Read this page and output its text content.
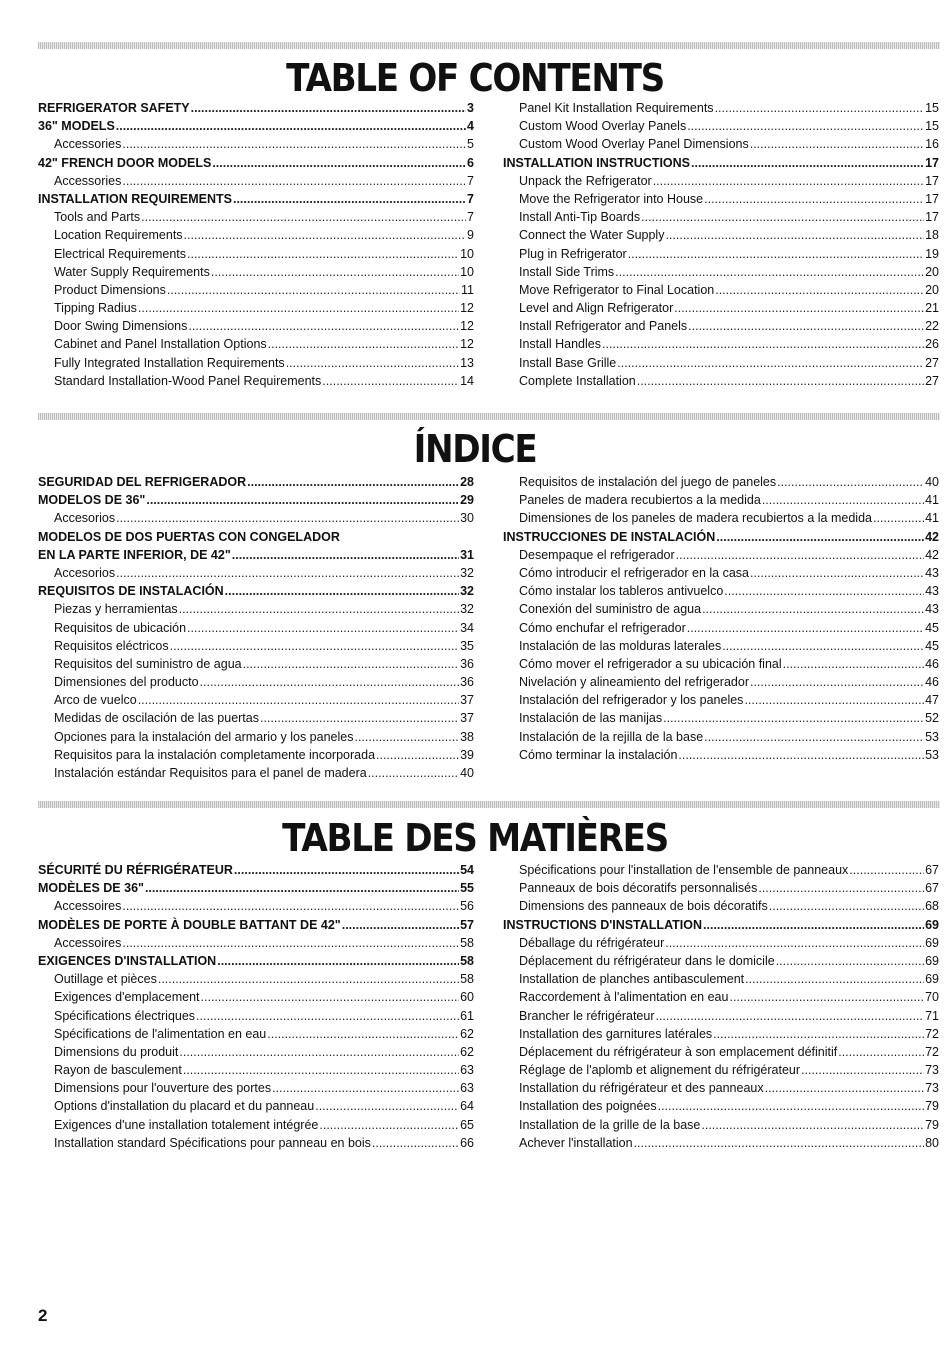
TABLE OF CONTENTS
REFRIGERATOR SAFETY .....	3
36" MODELS .....	4
Accessories .....	5
42" FRENCH DOOR MODELS .....	6
Accessories .....	7
INSTALLATION REQUIREMENTS .....	7
Tools and Parts .....	7
Location Requirements .....	9
Electrical Requirements .....	10
Water Supply Requirements .....	10
Product Dimensions .....	11
Tipping Radius .....	12
Door Swing Dimensions .....	12
Cabinet and Panel Installation Options .....	12
Fully Integrated Installation Requirements .....	13
Standard Installation-Wood Panel Requirements .....	14
Panel Kit Installation Requirements .....	15
Custom Wood Overlay Panels .....	15
Custom Wood Overlay Panel Dimensions .....	16
INSTALLATION INSTRUCTIONS .....	17
Unpack the Refrigerator .....	17
Move the Refrigerator into House .....	17
Install Anti-Tip Boards .....	17
Connect the Water Supply .....	18
Plug in Refrigerator .....	19
Install Side Trims .....	20
Move Refrigerator to Final Location .....	20
Level and Align Refrigerator .....	21
Install Refrigerator and Panels .....	22
Install Handles .....	26
Install Base Grille .....	27
Complete Installation .....	27
ÍNDICE
SEGURIDAD DEL REFRIGERADOR .....	28
MODELOS DE 36" .....	29
Accesorios .....	30
MODELOS DE DOS PUERTAS CON CONGELADOR
EN LA PARTE INFERIOR, DE 42" .....	31
Accesorios .....	32
REQUISITOS DE INSTALACIÓN .....	32
Piezas y herramientas .....	32
Requisitos de ubicación .....	34
Requisitos eléctricos .....	35
Requisitos del suministro de agua .....	36
Dimensiones del producto .....	36
Arco de vuelco .....	37
Medidas de oscilación de las puertas .....	37
Opciones para la instalación del armario y los paneles .....	38
Requisitos para la instalación completamente incorporada .....	39
Instalación estándar Requisitos para el panel de madera .....	40
Requisitos de instalación del juego de paneles .....	40
Paneles de madera recubiertos a la medida .....	41
Dimensiones de los paneles de madera recubiertos a la medida .....	41
INSTRUCCIONES DE INSTALACIÓN .....	42
Desempaque el refrigerador .....	42
Cómo introducir el refrigerador en la casa .....	43
Cómo instalar los tableros antivuelco .....	43
Conexión del suministro de agua .....	43
Cómo enchufar el refrigerador .....	45
Instalación de las molduras laterales .....	45
Cómo mover el refrigerador a su ubicación final .....	46
Nivelación y alineamiento del refrigerador .....	46
Instalación del refrigerador y los paneles .....	47
Instalación de las manijas .....	52
Instalación de la rejilla de la base .....	53
Cómo terminar la instalación .....	53
TABLE DES MATIÈRES
SÉCURITÉ DU RÉFRIGÉRATEUR .....	54
MODÈLES DE 36" .....	55
Accessoires .....	56
MODÈLES DE PORTE À DOUBLE BATTANT DE 42" .....	57
Accessoires .....	58
EXIGENCES D'INSTALLATION .....	58
Outillage et pièces .....	58
Exigences d'emplacement .....	60
Spécifications électriques .....	61
Spécifications de l'alimentation en eau .....	62
Dimensions du produit .....	62
Rayon de basculement .....	63
Dimensions pour l'ouverture des portes .....	63
Options d'installation du placard et du panneau .....	64
Exigences d'une installation totalement intégrée .....	65
Installation standard Spécifications pour panneau en bois .....	66
Spécifications pour l'installation de l'ensemble de panneaux .....	67
Panneaux de bois décoratifs personnalisés .....	67
Dimensions des panneaux de bois décoratifs .....	68
INSTRUCTIONS D'INSTALLATION .....	69
Déballage du réfrigérateur .....	69
Déplacement du réfrigérateur dans le domicile .....	69
Installation de planches antibasculement .....	69
Raccordement à l'alimentation en eau .....	70
Brancher le réfrigérateur .....	71
Installation des garnitures latérales .....	72
Déplacement du réfrigérateur à son emplacement définitif .....	72
Réglage de l'aplomb et alignement du réfrigérateur .....	73
Installation du réfrigérateur et des panneaux .....	73
Installation des poignées .....	79
Installation de la grille de la base .....	79
Achever l'installation .....	80
2
